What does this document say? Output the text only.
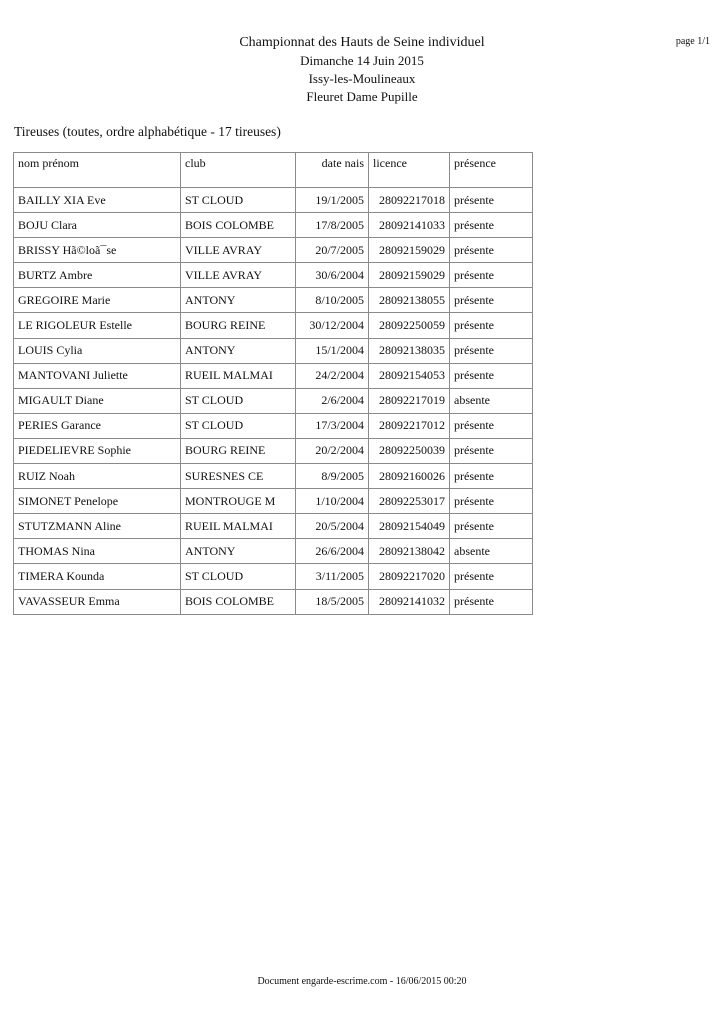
Championnat des Hauts de Seine individuel
Dimanche 14 Juin 2015
Issy-les-Moulineaux
Fleuret Dame Pupille
page 1/1
Tireuses (toutes, ordre alphabétique - 17 tireuses)
nom prénom	club	date nais	licence	présence
BAILLY XIA Eve	ST CLOUD	19/1/2005	28092217018	présente
BOJU Clara	BOIS COLOMBE	17/8/2005	28092141033	présente
BRISSY Hã©loã¯se	VILLE AVRAY	20/7/2005	28092159029	présente
BURTZ Ambre	VILLE AVRAY	30/6/2004	28092159029	présente
GREGOIRE Marie	ANTONY	8/10/2005	28092138055	présente
LE RIGOLEUR Estelle	BOURG REINE	30/12/2004	28092250059	présente
LOUIS Cylia	ANTONY	15/1/2004	28092138035	présente
MANTOVANI Juliette	RUEIL MALMAI	24/2/2004	28092154053	présente
MIGAULT Diane	ST CLOUD	2/6/2004	28092217019	absente
PERIES Garance	ST CLOUD	17/3/2004	28092217012	présente
PIEDELIEVRE Sophie	BOURG REINE	20/2/2004	28092250039	présente
RUIZ Noah	SURESNES CE	8/9/2005	28092160026	présente
SIMONET Penelope	MONTROUGE M	1/10/2004	28092253017	présente
STUTZMANN Aline	RUEIL MALMAI	20/5/2004	28092154049	présente
THOMAS Nina	ANTONY	26/6/2004	28092138042	absente
TIMERA Kounda	ST CLOUD	3/11/2005	28092217020	présente
VAVASSEUR Emma	BOIS COLOMBE	18/5/2005	28092141032	présente
Document engarde-escrime.com - 16/06/2015 00:20
